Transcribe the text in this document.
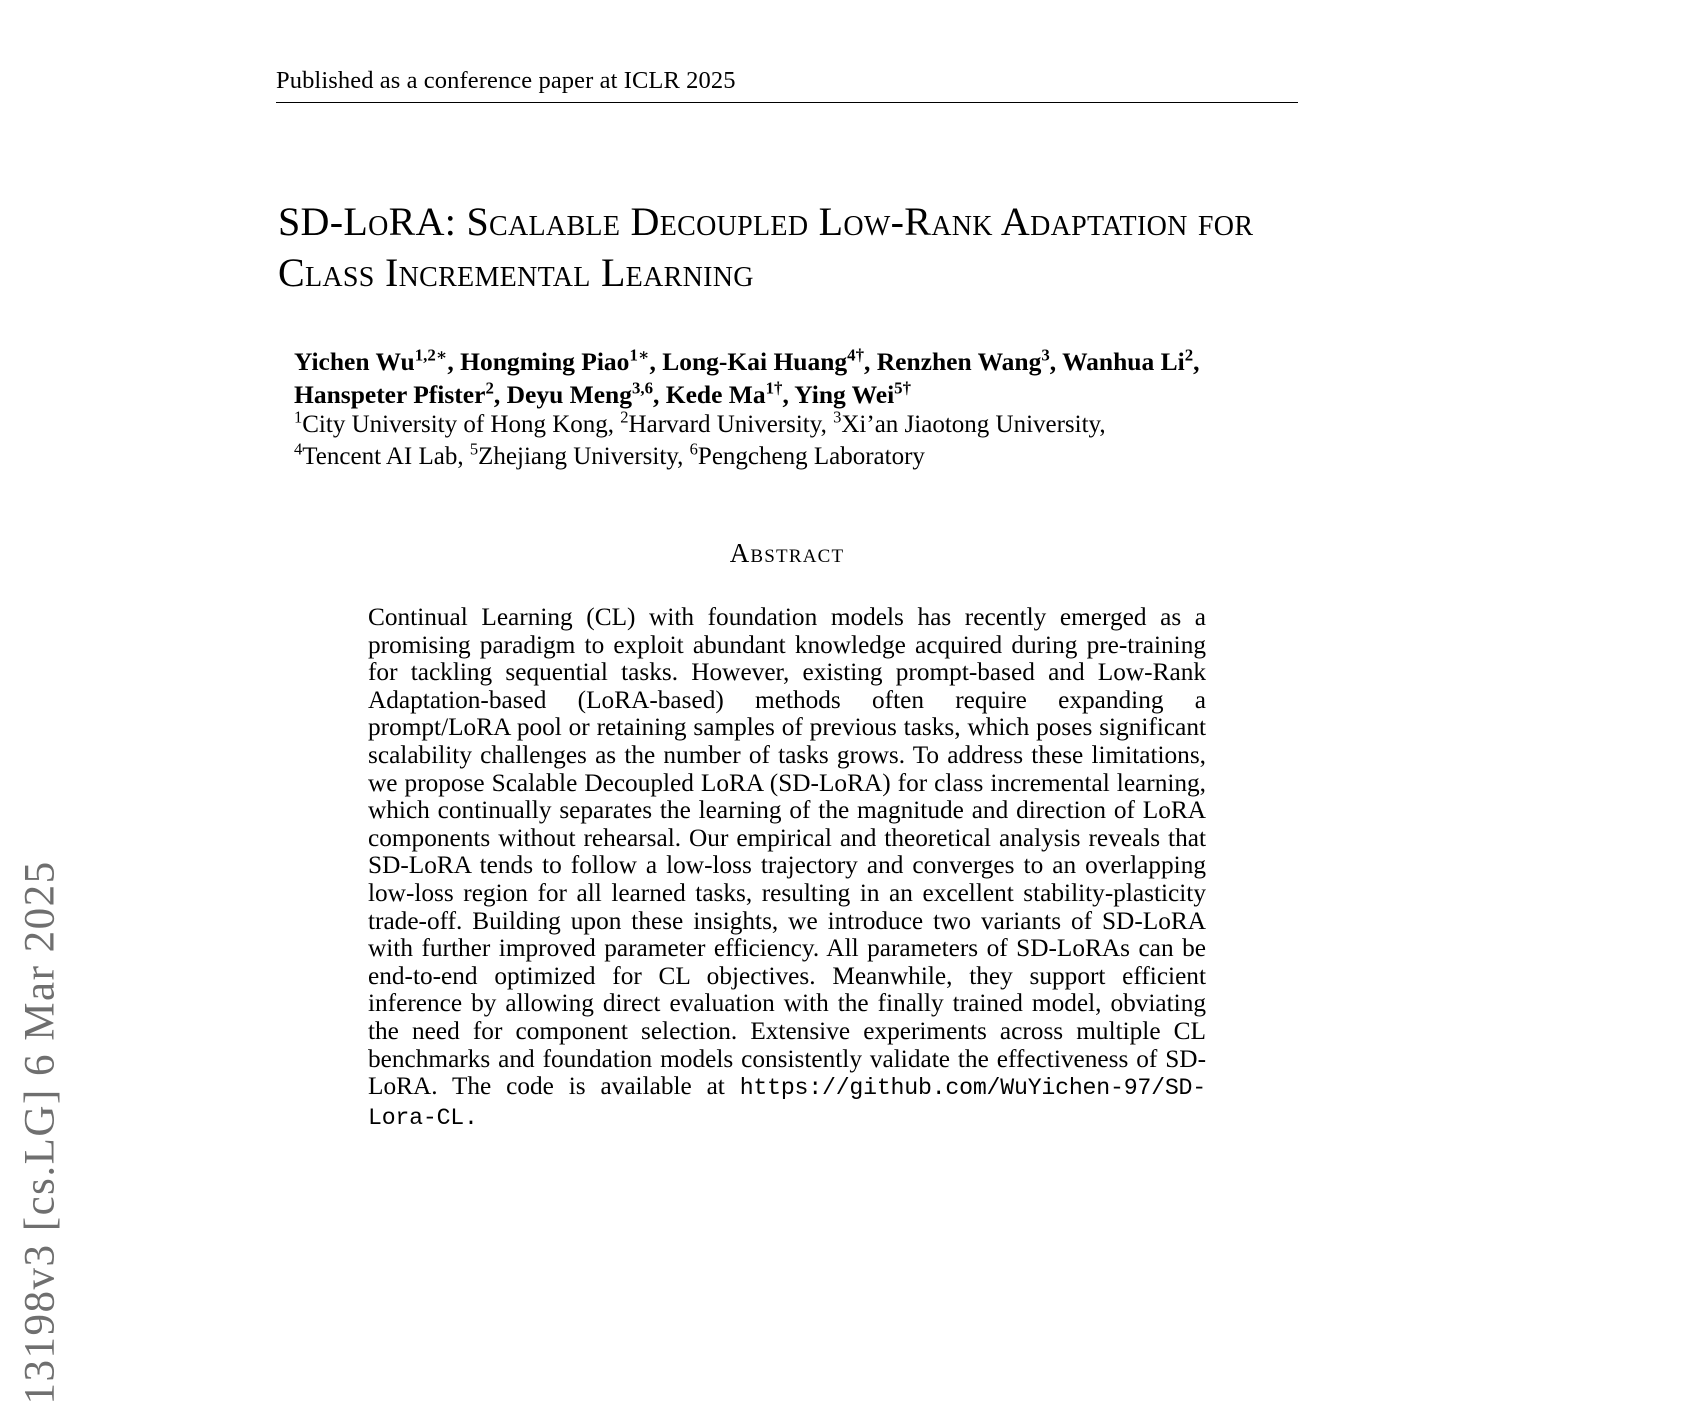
13198v3 [cs.LG] 6 Mar 2025
Published as a conference paper at ICLR 2025
SD-LoRA: Scalable Decoupled Low-Rank Adaptation for Class Incremental Learning
Yichen $Wu^{1,2∗}$, Hongming Piao$^{1∗}$, Long-Kai Huang$^{4\dagger}$, Renzhen Wang$^3$, Wanhua Li$^2$,
Hanspeter Pfister$^2$, Deyu Meng$^{3,6}$, Kede $Ma^{1\dagger}$, Ying Wei$^{5\dagger}$
$^1$City University of Hong Kong, $^2$Harvard University, $^3$Xi’an Jiaotong University,
$^4$Tencent AI Lab, $^5$Zhejiang University, $^6$Pengcheng Laboratory
Abstract

Continual Learning (CL) with foundation models has recently emerged as a promising paradigm to exploit abundant knowledge acquired during pre-training for tackling sequential tasks. However, existing prompt-based and Low-Rank Adaptation-based (LoRA-based) methods often require expanding a prompt/LoRA pool or retaining samples of previous tasks, which poses significant scalability challenges as the number of tasks grows. To address these limitations, we propose Scalable Decoupled LoRA (SD-LoRA) for class incremental learning, which continually separates the learning of the magnitude and direction of LoRA components without rehearsal. Our empirical and theoretical analysis reveals that SD-LoRA tends to follow a low-loss trajectory and converges to an overlapping low-loss region for all learned tasks, resulting in an excellent stability-plasticity trade-off. Building upon these insights, we introduce two variants of SD-LoRA with further improved parameter efficiency. All parameters of SD-LoRAs can be end-to-end optimized for CL objectives. Meanwhile, they support efficient inference by allowing direct evaluation with the finally trained model, obviating the need for component selection. Extensive experiments across multiple CL benchmarks and foundation models consistently validate the effectiveness of SD-LoRA. The code is available at https://github.com/WuYichen-97/SD-Lora-CL.
